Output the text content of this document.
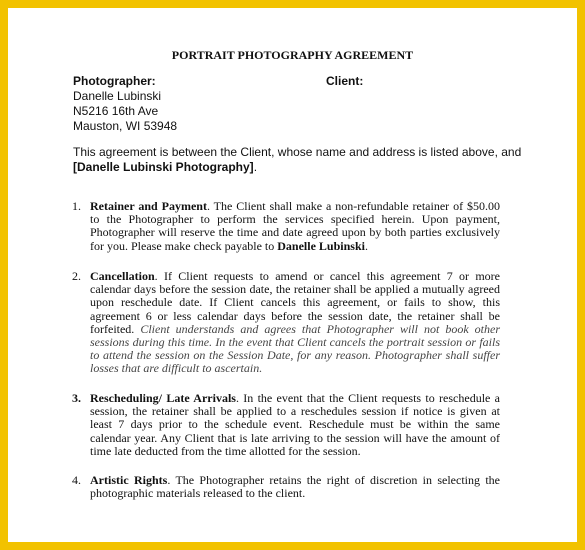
PORTRAIT PHOTOGRAPHY AGREEMENT
Photographer:
Danelle Lubinski
N5216 16th Ave
Mauston, WI 53948
Client:
This agreement is between the Client, whose name and address is listed above, and
[Danelle Lubinski Photography].
1. Retainer and Payment. The Client shall make a non-refundable retainer of $50.00 to the Photographer to perform the services specified herein. Upon payment, Photographer will reserve the time and date agreed upon by both parties exclusively for you. Please make check payable to Danelle Lubinski.
2. Cancellation. If Client requests to amend or cancel this agreement 7 or more calendar days before the session date, the retainer shall be applied a mutually agreed upon reschedule date. If Client cancels this agreement, or fails to show, this agreement 6 or less calendar days before the session date, the retainer shall be forfeited. Client understands and agrees that Photographer will not book other sessions during this time. In the event that Client cancels the portrait session or fails to attend the session on the Session Date, for any reason. Photographer shall suffer losses that are difficult to ascertain.
3. Rescheduling/ Late Arrivals. In the event that the Client requests to reschedule a session, the retainer shall be applied to a reschedules session if notice is given at least 7 days prior to the schedule event. Reschedule must be within the same calendar year. Any Client that is late arriving to the session will have the amount of time late deducted from the time allotted for the session.
4. Artistic Rights. The Photographer retains the right of discretion in selecting the photographic materials released to the client.
